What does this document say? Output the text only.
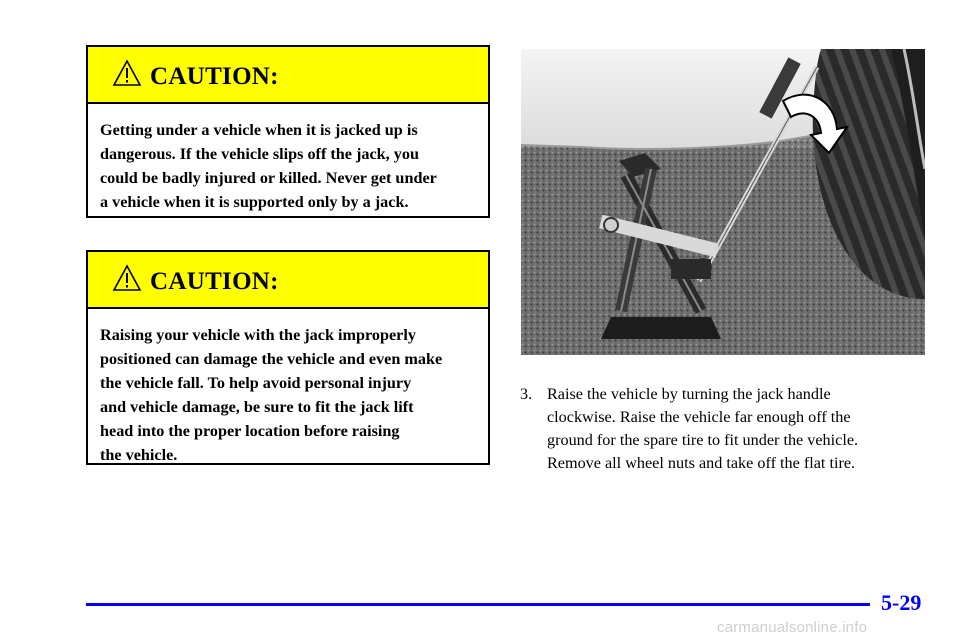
CAUTION:
Getting under a vehicle when it is jacked up is
dangerous. If the vehicle slips off the jack, you
could be badly injured or killed. Never get under
a vehicle when it is supported only by a jack.
CAUTION:
Raising your vehicle with the jack improperly
positioned can damage the vehicle and even make
the vehicle fall. To help avoid personal injury
and vehicle damage, be sure to fit the jack lift
head into the proper location before raising
the vehicle.
3. Raise the vehicle by turning the jack handle
clockwise. Raise the vehicle far enough off the
ground for the spare tire to fit under the vehicle.
Remove all wheel nuts and take off the flat tire.
5-29
carmanualsonline.info
